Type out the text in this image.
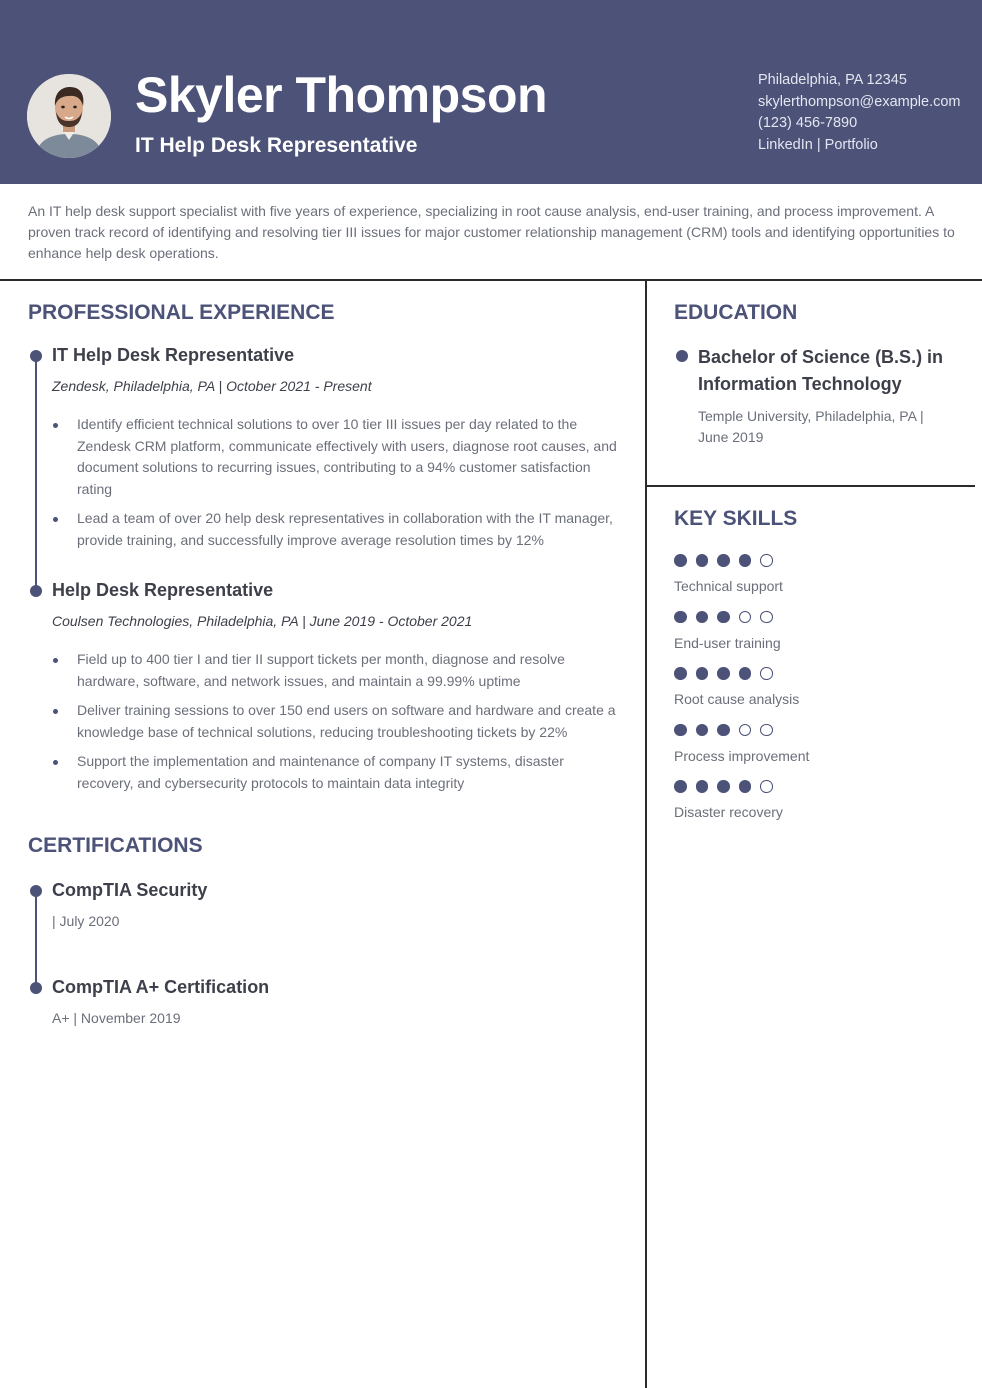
Skyler Thompson
IT Help Desk Representative
Philadelphia, PA 12345
skylerthompson@example.com
(123) 456-7890
LinkedIn | Portfolio
An IT help desk support specialist with five years of experience, specializing in root cause analysis, end-user training, and process improvement. A proven track record of identifying and resolving tier III issues for major customer relationship management (CRM) tools and identifying opportunities to enhance help desk operations.
PROFESSIONAL EXPERIENCE
IT Help Desk Representative
Zendesk, Philadelphia, PA | October 2021 - Present
Identify efficient technical solutions to over 10 tier III issues per day related to the Zendesk CRM platform, communicate effectively with users, diagnose root causes, and document solutions to recurring issues, contributing to a 94% customer satisfaction rating
Lead a team of over 20 help desk representatives in collaboration with the IT manager, provide training, and successfully improve average resolution times by 12%
Help Desk Representative
Coulsen Technologies, Philadelphia, PA | June 2019 - October 2021
Field up to 400 tier I and tier II support tickets per month, diagnose and resolve hardware, software, and network issues, and maintain a 99.99% uptime
Deliver training sessions to over 150 end users on software and hardware and create a knowledge base of technical solutions, reducing troubleshooting tickets by 22%
Support the implementation and maintenance of company IT systems, disaster recovery, and cybersecurity protocols to maintain data integrity
CERTIFICATIONS
CompTIA Security
| July 2020
CompTIA A+ Certification
A+ | November 2019
EDUCATION
Bachelor of Science (B.S.) in Information Technology
Temple University, Philadelphia, PA | June 2019
KEY SKILLS
Technical support
End-user training
Root cause analysis
Process improvement
Disaster recovery
